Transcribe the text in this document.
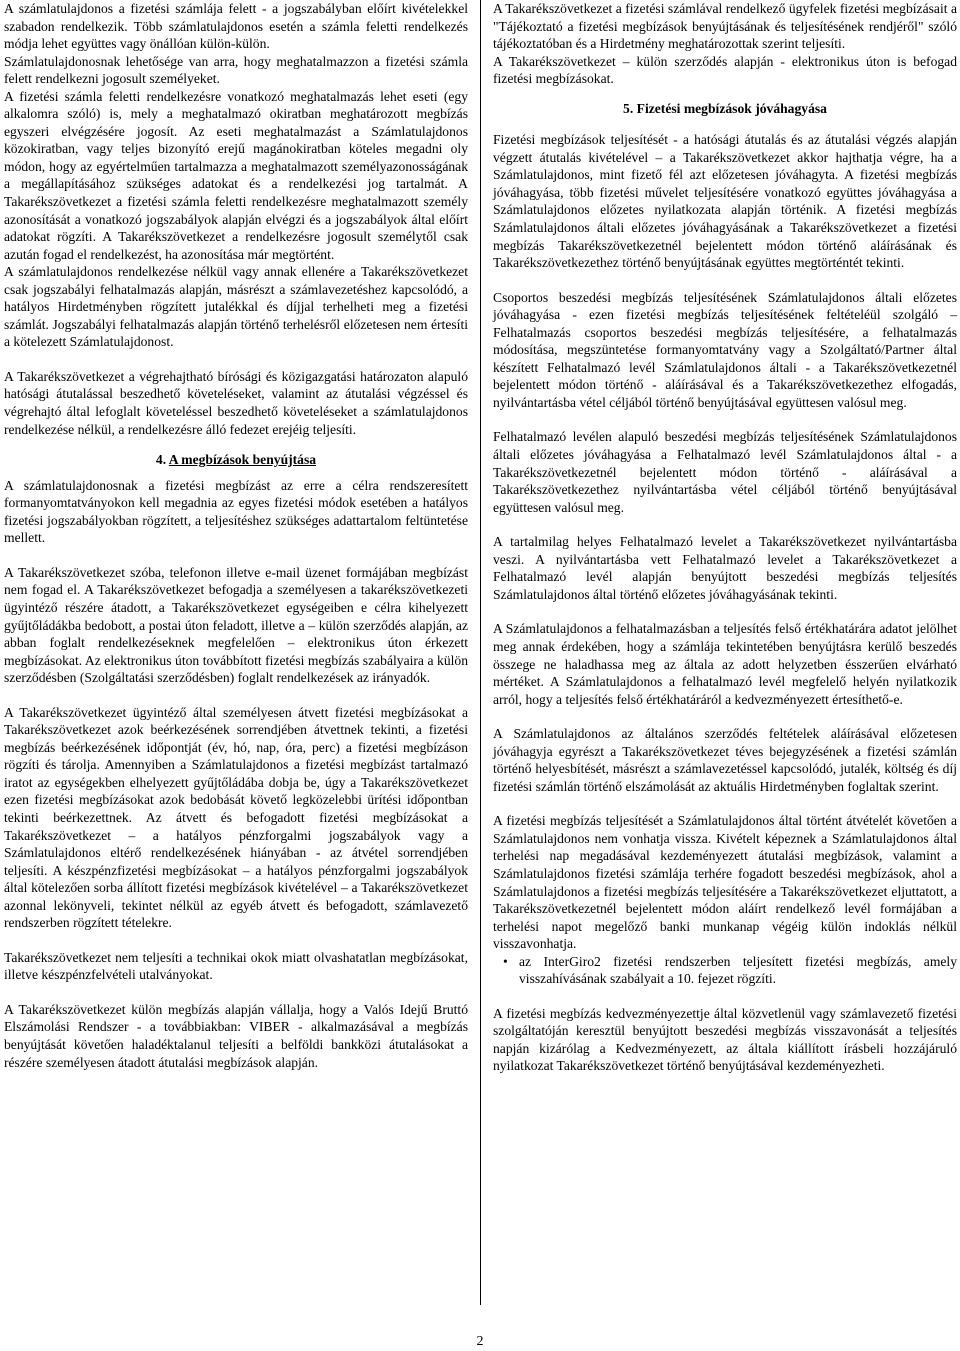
A számlatulajdonos a fizetési számlája felett - a jogszabályban előírt kivételekkel szabadon rendelkezik. Több számlatulajdonos esetén a számla feletti rendelkezés módja lehet együttes vagy önállóan külön-külön.

Számlatulajdonosnak lehetősége van arra, hogy meghatalmazzon a fizetési számla felett rendelkezni jogosult személyeket.

A fizetési számla feletti rendelkezésre vonatkozó meghatalmazás lehet eseti (egy alkalomra szóló) is, mely a meghatalmazó okiratban meghatározott megbízás egyszeri elvégzésére jogosít. Az eseti meghatalmazást a Számlatulajdonos közokiratban, vagy teljes bizonyító erejű magánokiratban köteles megadni oly módon, hogy az egyértelműen tartalmazza a meghatalmazott személyazonosságának a megállapításához szükséges adatokat és a rendelkezési jog tartalmát. A Takarékszövetkezet a fizetési számla feletti rendelkezésre meghatalmazott személy azonosítását a vonatkozó jogszabályok alapján elvégzi és a jogszabályok által előírt adatokat rögzíti. A Takarékszövetkezet a rendelkezésre jogosult személytől csak azután fogad el rendelkezést, ha azonosítása már megtörtént.

A számlatulajdonos rendelkezése nélkül vagy annak ellenére a Takarékszövetkezet csak jogszabályi felhatalmazás alapján, másrészt a számlavezetéshez kapcsolódó, a hatályos Hirdetményben rögzített jutalékkal és díjjal terhelheti meg a fizetési számlát. Jogszabályi felhatalmazás alapján történő terhelésről előzetesen nem értesíti a kötelezett Számlatulajdonost.

A Takarékszövetkezet a végrehajtható bírósági és közigazgatási határozaton alapuló hatósági átutalással beszedhető követeléseket, valamint az átutalási végzéssel és végrehajtó által lefoglalt követeléssel beszedhető követeléseket a számlatulajdonos rendelkezése nélkül, a rendelkezésre álló fedezet erejéig teljesíti.

4. A megbízások benyújtása

A számlatulajdonosnak a fizetési megbízást az erre a célra rendszeresített formanyomtatványokon kell megadnia az egyes fizetési módok esetében a hatályos fizetési jogszabályokban rögzített, a teljesítéshez szükséges adattartalom feltüntetése mellett.

A Takarékszövetkezet szóba, telefonon illetve e-mail üzenet formájában megbízást nem fogad el. A Takarékszövetkezet befogadja a személyesen a takarékszövetkezeti ügyintéző részére átadott, a Takarékszövetkezet egységeiben e célra kihelyezett gyűjtőládákba bedobott, a postai úton feladott, illetve a – külön szerződés alapján, az abban foglalt rendelkezéseknek megfelelően – elektronikus úton érkezett megbízásokat. Az elektronikus úton továbbított fizetési megbízás szabályaira a külön szerződésben (Szolgáltatási szerződésben) foglalt rendelkezések az irányadók.

A Takarékszövetkezet ügyintéző által személyesen átvett fizetési megbízásokat a Takarékszövetkezet azok beérkezésének sorrendjében átvettnek tekinti, a fizetési megbízás beérkezésének időpontját (év, hó, nap, óra, perc) a fizetési megbízáson rögzíti és tárolja. Amennyiben a Számlatulajdonos a fizetési megbízást tartalmazó iratot az egységekben elhelyezett gyűjtőládába dobja be, úgy a Takarékszövetkezet ezen fizetési megbízásokat azok bedobását követő legközelebbi ürítési időpontban tekinti beérkezettnek. Az átvett és befogadott fizetési megbízásokat a Takarékszövetkezet – a hatályos pénzforgalmi jogszabályok vagy a Számlatulajdonos eltérő rendelkezésének hiányában - az átvétel sorrendjében teljesíti. A készpénzfizetési megbízásokat – a hatályos pénzforgalmi jogszabályok által kötelezően sorba állított fizetési megbízások kivételével – a Takarékszövetkezet azonnal lekönyveli, tekintet nélkül az egyéb átvett és befogadott, számlavezető rendszerben rögzített tételekre.

Takarékszövetkezet nem teljesíti a technikai okok miatt olvashatatlan megbízásokat, illetve készpénzfelvételi utalványokat.

A Takarékszövetkezet külön megbízás alapján vállalja, hogy a Valós Idejű Bruttó Elszámolási Rendszer - a továbbiakban: VIBER - alkalmazásával a megbízás benyújtását követően haladéktalanul teljesíti a belföldi bankközi átutalásokat a részére személyesen átadott átutalási megbízások alapján.

A Takarékszövetkezet a fizetési számlával rendelkező ügyfelek fizetési megbízásait a "Tájékoztató a fizetési megbízások benyújtásának és teljesítésének rendjéről" szóló tájékoztatóban és a Hirdetmény meghatározottak szerint teljesíti.

A Takarékszövetkezet – külön szerződés alapján - elektronikus úton is befogad fizetési megbízásokat.

5. Fizetési megbízások jóváhagyása

Fizetési megbízások teljesítését - a hatósági átutalás és az átutalási végzés alapján végzett átutalás kivételével – a Takarékszövetkezet akkor hajthatja végre, ha a Számlatulajdonos, mint fizető fél azt előzetesen jóváhagyta. A fizetési megbízás jóváhagyása, több fizetési művelet teljesítésére vonatkozó együttes jóváhagyása a Számlatulajdonos előzetes nyilatkozata alapján történik. A fizetési megbízás Számlatulajdonos általi előzetes jóváhagyásának a Takarékszövetkezet a fizetési megbízás Takarékszövetkezetnél bejelentett módon történő aláírásának és Takarékszövetkezethez történő benyújtásának együttes megtörténtét tekinti.

Csoportos beszedési megbízás teljesítésének Számlatulajdonos általi előzetes jóváhagyása - ezen fizetési megbízás teljesítésének feltételéül szolgáló – Felhatalmazás csoportos beszedési megbízás teljesítésére, a felhatalmazás módosítása, megszüntetése formanyomtatvány vagy a Szolgáltató/Partner által készített Felhatalmazó levél Számlatulajdonos általi - a Takarékszövetkezetnél bejelentett módon történő - aláírásával és a Takarékszövetkezethez elfogadás, nyilvántartásba vétel céljából történő benyújtásával együttesen valósul meg.

Felhatalmazó levélen alapuló beszedési megbízás teljesítésének Számlatulajdonos általi előzetes jóváhagyása a Felhatalmazó levél Számlatulajdonos által - a Takarékszövetkezetnél bejelentett módon történő - aláírásával a Takarékszövetkezethez nyilvántartásba vétel céljából történő benyújtásával együttesen valósul meg.

A tartalmilag helyes Felhatalmazó levelet a Takarékszövetkezet nyilvántartásba veszi. A nyilvántartásba vett Felhatalmazó levelet a Takarékszövetkezet a Felhatalmazó levél alapján benyújtott beszedési megbízás teljesítés Számlatulajdonos által történő előzetes jóváhagyásának tekinti.

A Számlatulajdonos a felhatalmazásban a teljesítés felső értékhatárára adatot jelölhet meg annak érdekében, hogy a számlája tekintetében benyújtásra kerülő beszedés összege ne haladhassa meg az általa az adott helyzetben ésszerűen elvárható mértéket. A Számlatulajdonos a felhatalmazó levél megfelelő helyén nyilatkozik arról, hogy a teljesítés felső értékhatáráról a kedvezményezett értesíthető-e.

A Számlatulajdonos az általános szerződés feltételek aláírásával előzetesen jóváhagyja egyrészt a Takarékszövetkezet téves bejegyzésének a fizetési számlán történő helyesbítését, másrészt a számlavezetéssel kapcsolódó, jutalék, költség és díj fizetési számlán történő elszámolását az aktuális Hirdetményben foglaltak szerint.

A fizetési megbízás teljesítését a Számlatulajdonos által történt átvételét követően a Számlatulajdonos nem vonhatja vissza. Kivételt képeznek a Számlatulajdonos által terhelési nap megadásával kezdeményezett átutalási megbízások, valamint a Számlatulajdonos fizetési számlája terhére fogadott beszedési megbízások, ahol a Számlatulajdonos a fizetési megbízás teljesítésére a Takarékszövetkezet eljuttatott, a Takarékszövetkezetnél bejelentett módon aláírt rendelkező levél formájában a terhelési napot megelőző banki munkanap végéig külön indoklás nélkül visszavonhatja.

• az InterGiro2 fizetési rendszerben teljesített fizetési megbízás, amely visszahívásának szabályait a 10. fejezet rögzíti.

A fizetési megbízás kedvezményezettje által közvetlenül vagy számlavezető fizetési szolgáltatóján keresztül benyújtott beszedési megbízás visszavonását a teljesítés napján kizárólag a Kedvezményezett, az általa kiállított írásbeli hozzájáruló nyilatkozat Takarékszövetkezet történő benyújtásával kezdeményezheti.

2
